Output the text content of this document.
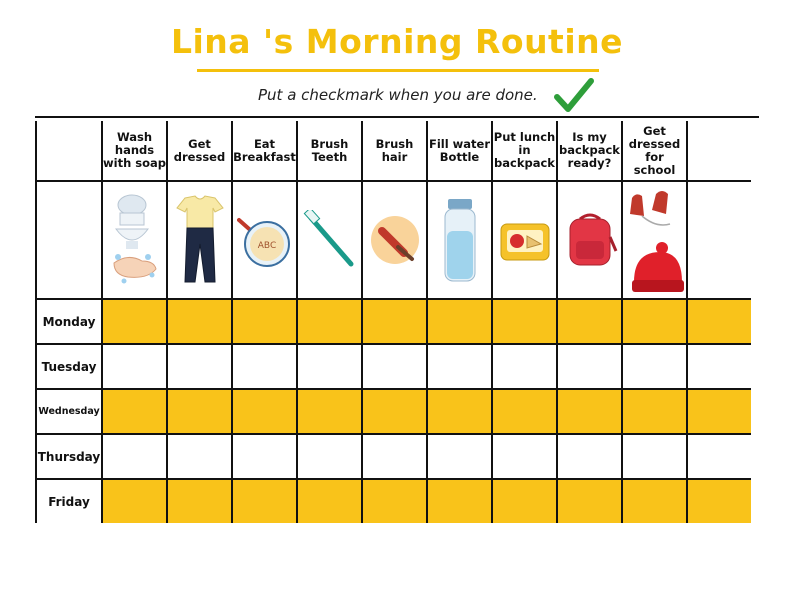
Lina 's Morning Routine
Put a checkmark when you are done.
	Wash hands with soap	Get dressed	Eat Breakfast	Brush Teeth	Brush hair	Fill water Bottle	Put lunch in backpack	Is my backpack ready?	Get dressed for school	

ABC

Monday										
Tuesday										
Wednesday										
Thursday										
Friday										
